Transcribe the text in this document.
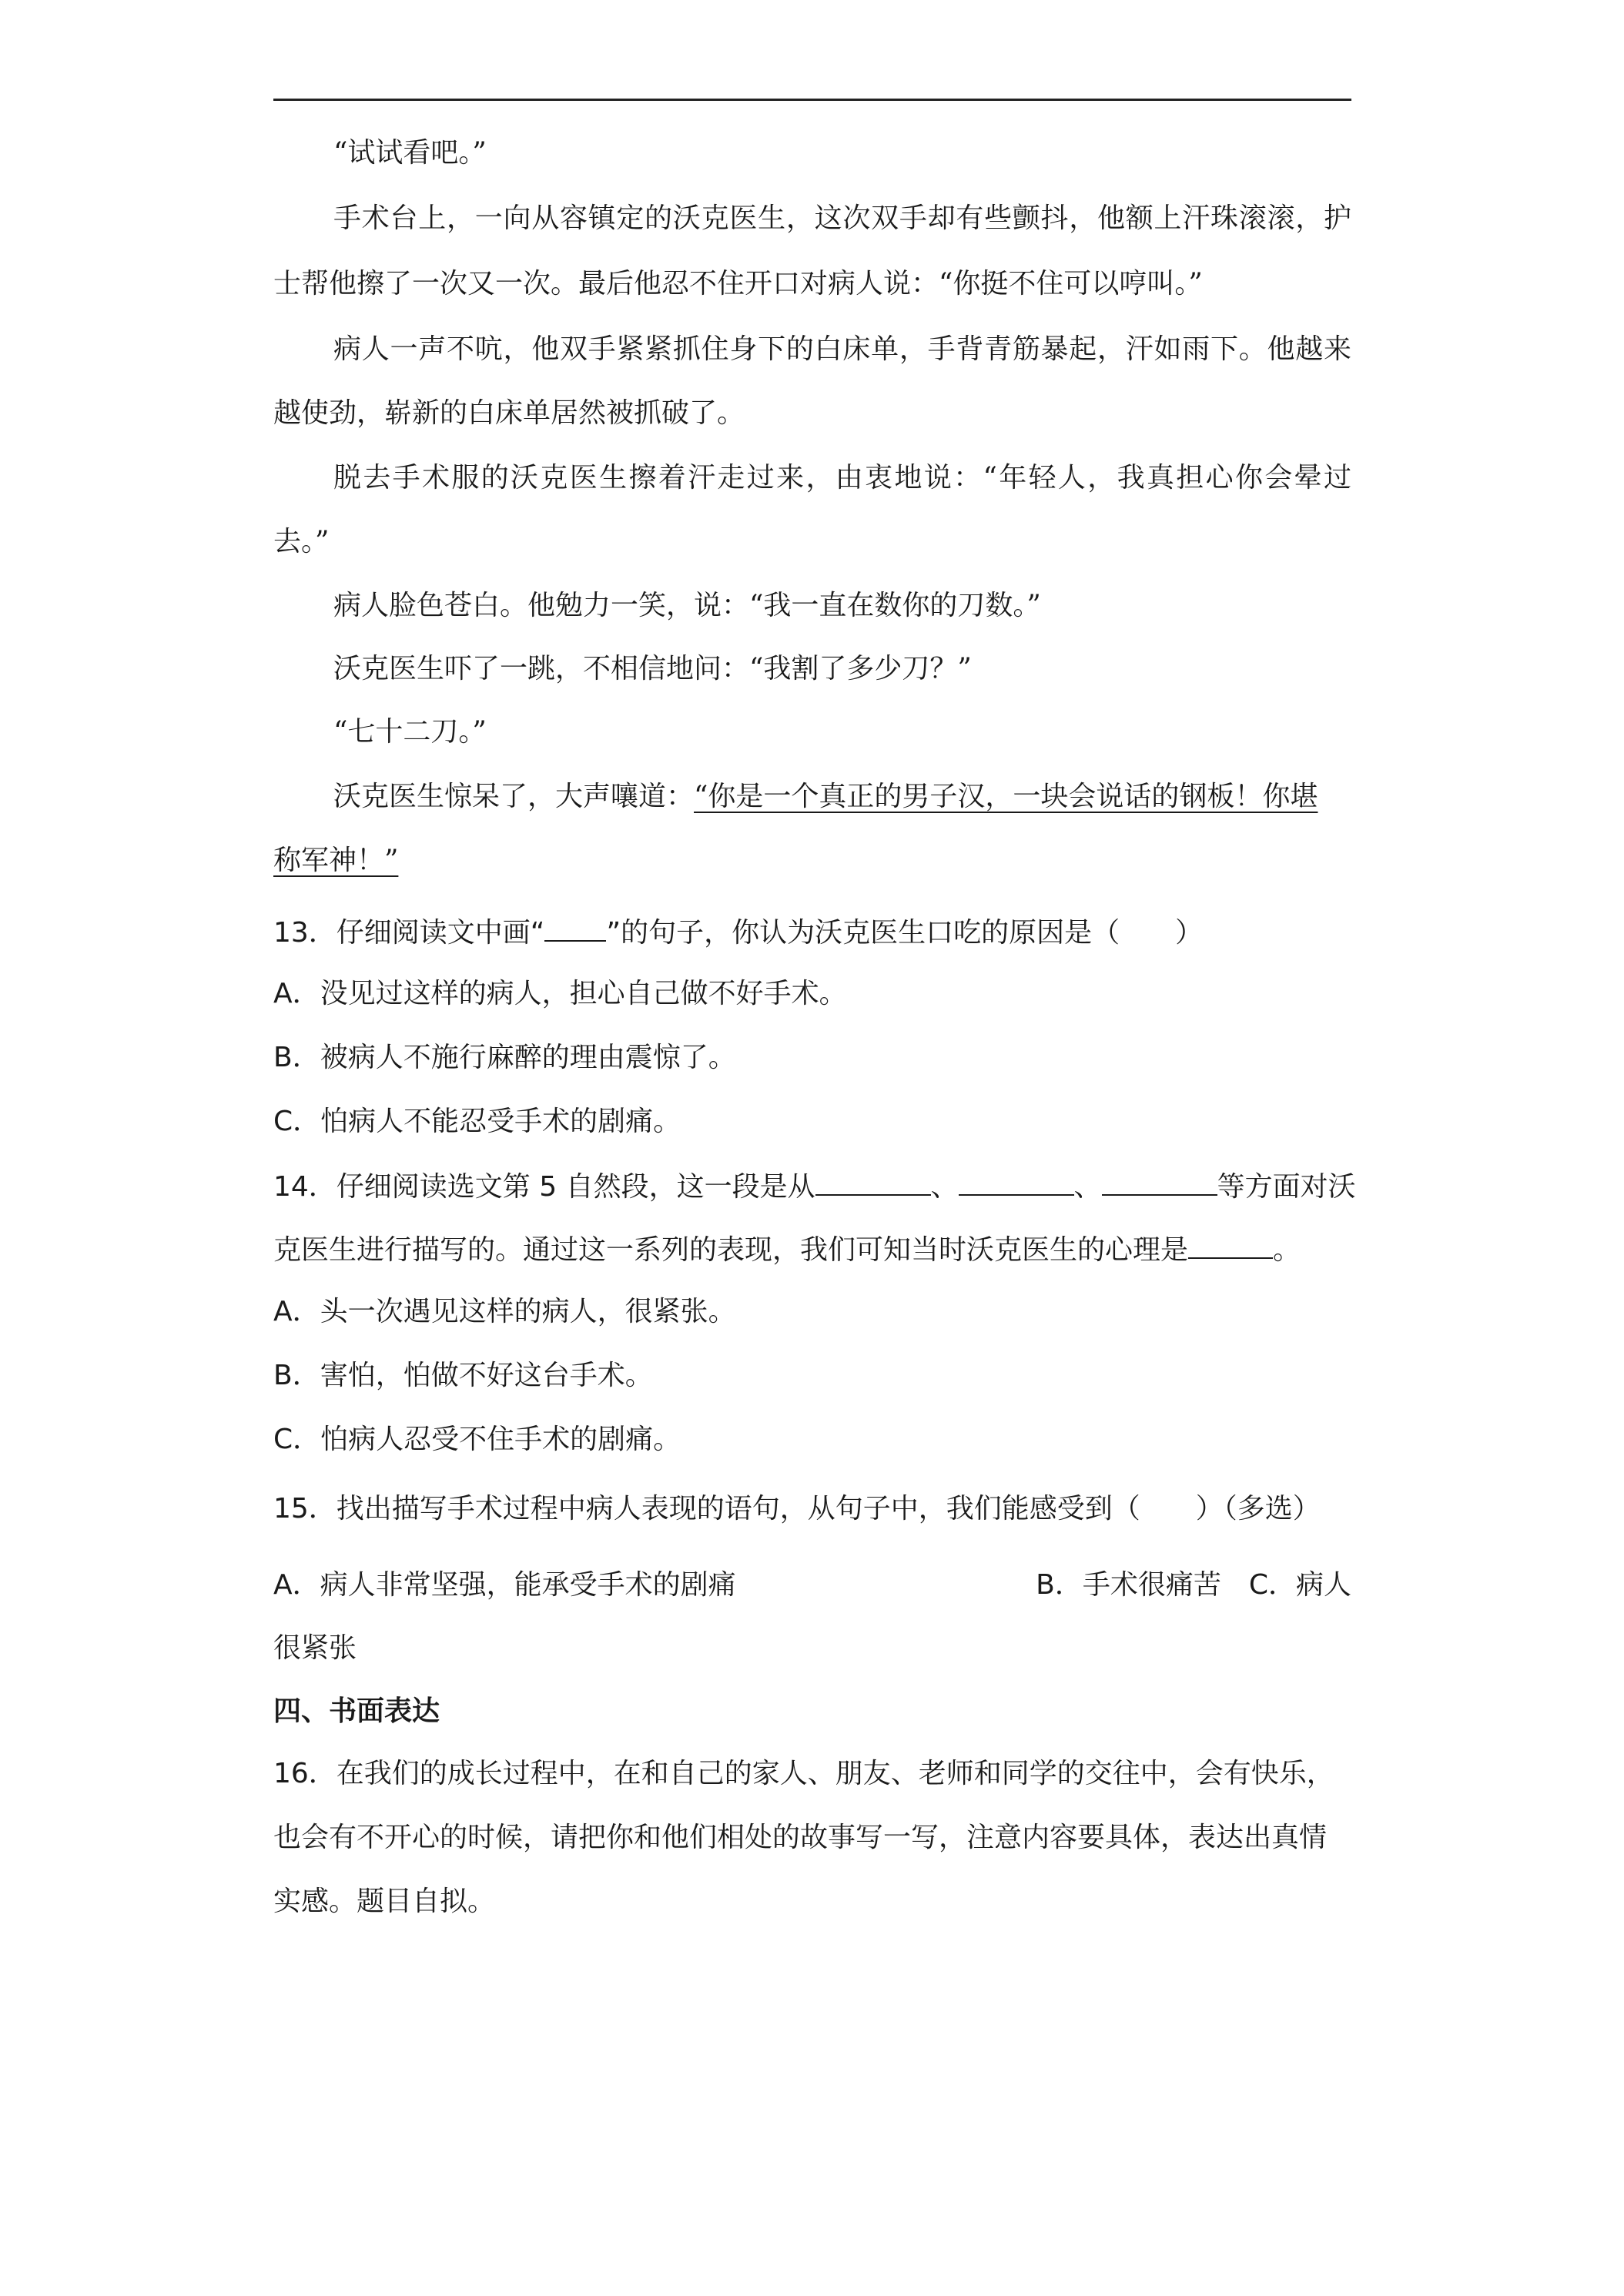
“试试看吧。”
手术台上，一向从容镇定的沃克医生，这次双手却有些颤抖，他额上汗珠滚滚，护
士帮他擦了一次又一次。最后他忍不住开口对病人说：“你挺不住可以哼叫。”
病人一声不吭，他双手紧紧抓住身下的白床单，手背青筋暴起，汗如雨下。他越来
越使劲，崭新的白床单居然被抓破了。
脱去手术服的沃克医生擦着汗走过来，由衷地说：“年轻人，我真担心你会晕过
去。”
病人脸色苍白。他勉力一笑，说：“我一直在数你的刀数。”
沃克医生吓了一跳，不相信地问：“我割了多少刀？”
“七十二刀。”
沃克医生惊呆了，大声嚷道：“你是一个真正的男子汉，一块会说话的钢板！你堪
称军神！”
13．仔细阅读文中画“ ”的句子，你认为沃克医生口吃的原因是（　　）
A．没见过这样的病人，担心自己做不好手术。
B．被病人不施行麻醉的理由震惊了。
C．怕病人不能忍受手术的剧痛。
14．仔细阅读选文第 5 自然段，这一段是从	、	、	等方面对沃
克医生进行描写的。通过这一系列的表现，我们可知当时沃克医生的心理是	。
A．头一次遇见这样的病人，很紧张。
B．害怕，怕做不好这台手术。
C．怕病人忍受不住手术的剧痛。
15．找出描写手术过程中病人表现的语句，从句子中，我们能感受到（　　）（多选）
A．病人非常坚强，能承受手术的剧痛	B．手术很痛苦 C．病人
很紧张
四、书面表达
16．在我们的成长过程中，在和自己的家人、朋友、老师和同学的交往中，会有快乐，
也会有不开心的时候，请把你和他们相处的故事写一写，注意内容要具体，表达出真情
实感。题目自拟。
